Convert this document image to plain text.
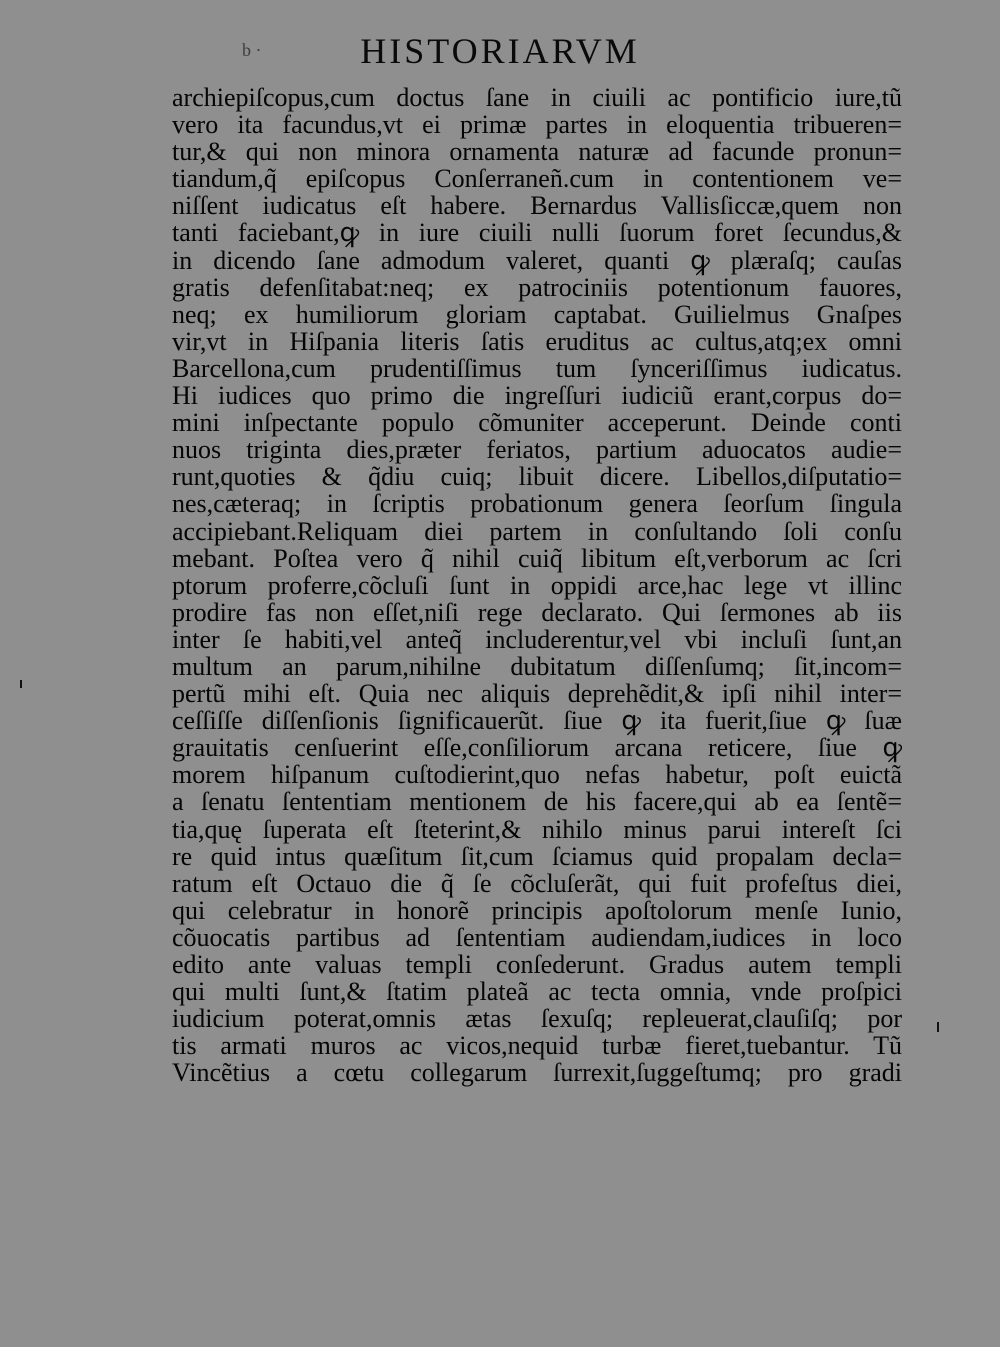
b ·	HISTORIARVM
archiepiſcopus,cum doctus ſane in ciuili ac pontificio iure,tũ
vero ita facundus,vt ei primæ partes in eloquentia tribueren=
tur,& qui non minora ornamenta naturæ ad facunde pronun=
tiandum,q̃ epiſcopus Conſerraneñ.cum in contentionem ve=
niſſent iudicatus eſt habere. Bernardus Vallisſiccæ,quem non
tanti faciebant,ꝙ in iure ciuili nulli ſuorum foret ſecundus,&
in dicendo ſane admodum valeret, quanti ꝙ plæraſq; cauſas
gratis defenſitabat:neq; ex patrociniis potentionum fauores,
neq; ex humiliorum gloriam captabat. Guilielmus Gnaſpes
vir,vt in Hiſpania literis ſatis eruditus ac cultus,atq;ex omni
Barcellona,cum prudentiſſimus tum ſynceriſſimus iudicatus.
Hi iudices quo primo die ingreſſuri iudiciũ erant,corpus do=
mini inſpectante populo cõmuniter acceperunt. Deinde conti
nuos triginta dies,præter feriatos, partium aduocatos audie=
runt,quoties & q̃diu cuiq; libuit dicere. Libellos,diſputatio=
nes,cæteraq; in ſcriptis probationum genera ſeorſum ſingula
accipiebant.Reliquam diei partem in conſultando ſoli conſu
mebant. Poſtea vero q̃ nihil cuiq̃ libitum eſt,verborum ac ſcri
ptorum proferre,cõcluſi ſunt in oppidi arce,hac lege vt illinc
prodire fas non eſſet,niſi rege declarato. Qui ſermones ab iis
inter ſe habiti,vel anteq̃ includerentur,vel vbi incluſi ſunt,an
multum an parum,nihilne dubitatum diſſenſumq; ſit,incom=
pertũ mihi eſt. Quia nec aliquis deprehẽdit,& ipſi nihil inter=
ceſſiſſe diſſenſionis ſignificauerũt. ſiue ꝙ ita fuerit,ſiue ꝙ ſuæ
grauitatis cenſuerint eſſe,conſiliorum arcana reticere, ſiue ꝙ
morem hiſpanum cuſtodierint,quo nefas habetur, poſt euictã
a ſenatu ſententiam mentionem de his facere,qui ab ea ſentẽ=
tia,quę ſuperata eſt ſteterint,& nihilo minus parui intereſt ſci
re quid intus quæſitum ſit,cum ſciamus quid propalam decla=
ratum eſt Octauo die q̃ ſe cõcluſerãt, qui fuit profeſtus diei,
qui celebratur in honorẽ principis apoſtolorum menſe Iunio,
cõuocatis partibus ad ſententiam audiendam,iudices in loco
edito ante valuas templi conſederunt. Gradus autem templi
qui multi ſunt,& ſtatim plateã ac tecta omnia, vnde proſpici
iudicium poterat,omnis ætas ſexuſq; repleuerat,clauſiſq; por
tis armati muros ac vicos,nequid turbæ fieret,tuebantur. Tũ
Vincẽtius a cœtu collegarum ſurrexit,ſuggeſtumq; pro gradi
